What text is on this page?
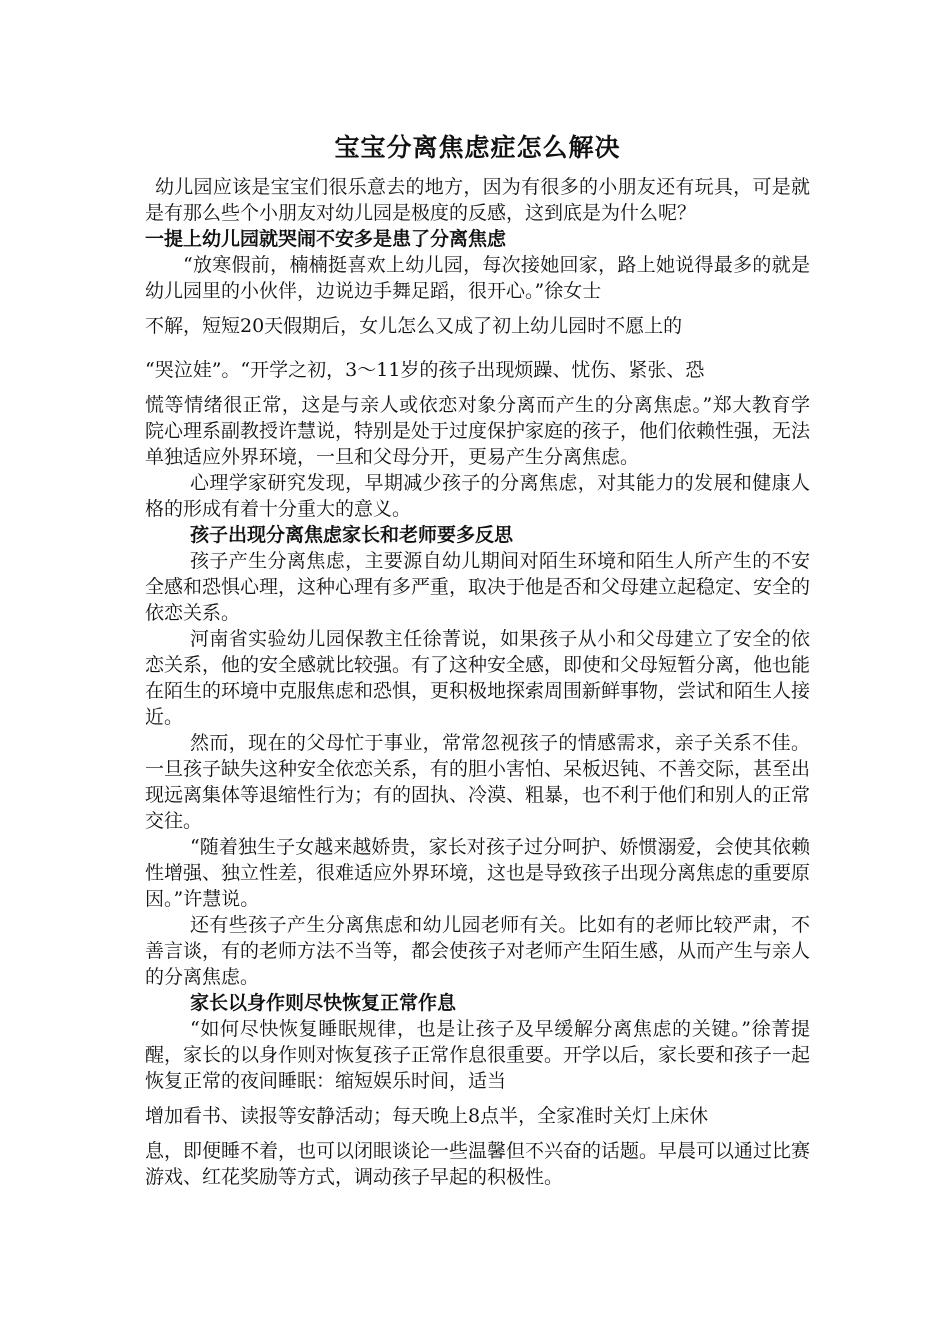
宝宝分离焦虑症怎么解决

幼儿园应该是宝宝们很乐意去的地方，因为有很多的小朋友还有玩具，可是就是有那么些个小朋友对幼儿园是极度的反感，这到底是为什么呢？

一提上幼儿园就哭闹不安多是患了分离焦虑

“放寒假前，楠楠挺喜欢上幼儿园，每次接她回家，路上她说得最多的就是幼儿园里的小伙伴，边说边手舞足蹈，很开心。”徐女士

不解，短短20天假期后，女儿怎么又成了初上幼儿园时不愿上的

“哭泣娃”。“开学之初，3～11岁的孩子出现烦躁、忧伤、紧张、恐

慌等情绪很正常，这是与亲人或依恋对象分离而产生的分离焦虑。”郑大教育学院心理系副教授许慧说，特别是处于过度保护家庭的孩子，他们依赖性强，无法单独适应外界环境，一旦和父母分开，更易产生分离焦虑。

心理学家研究发现，早期减少孩子的分离焦虑，对其能力的发展和健康人格的形成有着十分重大的意义。

孩子出现分离焦虑家长和老师要多反思

孩子产生分离焦虑，主要源自幼儿期间对陌生环境和陌生人所产生的不安全感和恐惧心理，这种心理有多严重，取决于他是否和父母建立起稳定、安全的依恋关系。

河南省实验幼儿园保教主任徐菁说，如果孩子从小和父母建立了安全的依恋关系，他的安全感就比较强。有了这种安全感，即使和父母短暂分离，他也能在陌生的环境中克服焦虑和恐惧，更积极地探索周围新鲜事物，尝试和陌生人接近。

然而，现在的父母忙于事业，常常忽视孩子的情感需求，亲子关系不佳。一旦孩子缺失这种安全依恋关系，有的胆小害怕、呆板迟钝、不善交际，甚至出现远离集体等退缩性行为；有的固执、冷漠、粗暴，也不利于他们和别人的正常交往。

“随着独生子女越来越娇贵，家长对孩子过分呵护、娇惯溺爱，会使其依赖性增强、独立性差，很难适应外界环境，这也是导致孩子出现分离焦虑的重要原因。”许慧说。

还有些孩子产生分离焦虑和幼儿园老师有关。比如有的老师比较严肃，不善言谈，有的老师方法不当等，都会使孩子对老师产生陌生感，从而产生与亲人的分离焦虑。

家长以身作则尽快恢复正常作息

“如何尽快恢复睡眠规律，也是让孩子及早缓解分离焦虑的关键。”徐菁提醒，家长的以身作则对恢复孩子正常作息很重要。开学以后，家长要和孩子一起恢复正常的夜间睡眠：缩短娱乐时间，适当

增加看书、读报等安静活动；每天晚上8点半，全家准时关灯上床休

息，即便睡不着，也可以闭眼谈论一些温馨但不兴奋的话题。早晨可以通过比赛游戏、红花奖励等方式，调动孩子早起的积极性。
